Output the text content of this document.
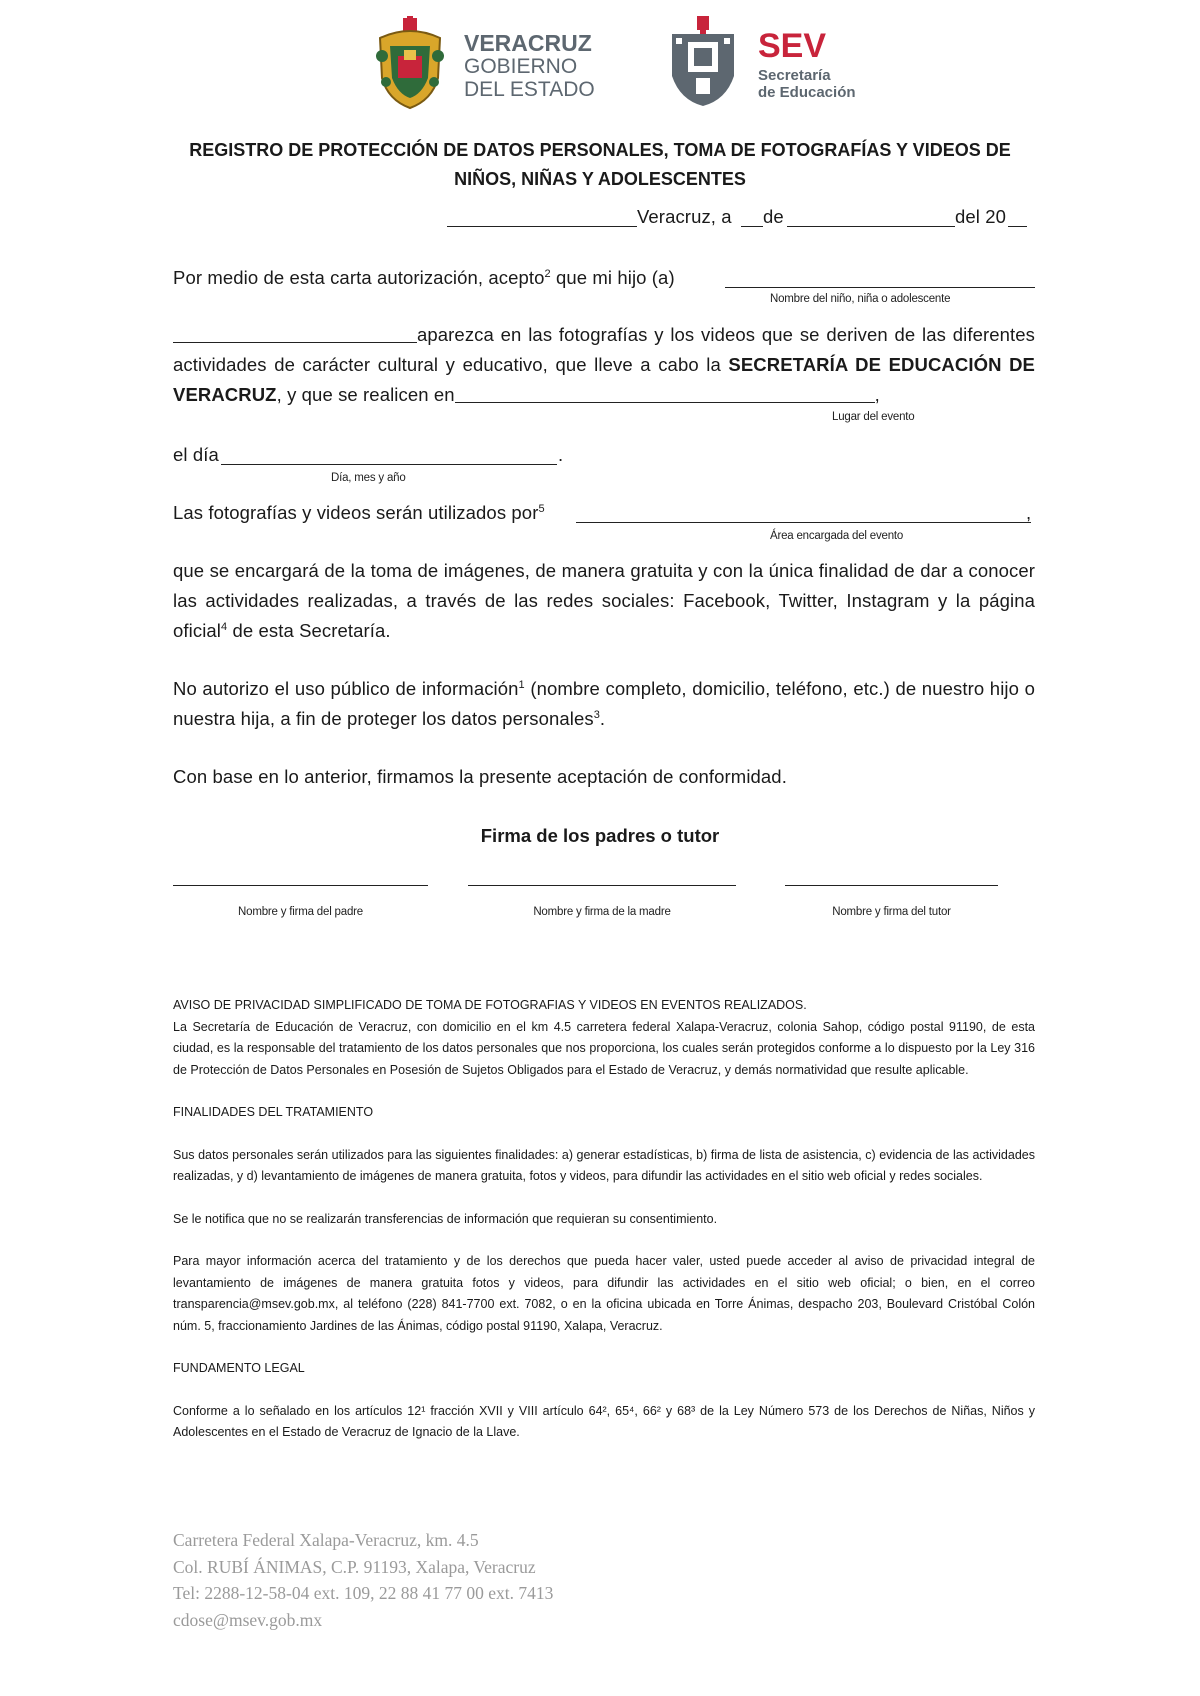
VERACRUZ
GOBIERNO
DEL ESTADO
SEV
Secretaría
de Educación
REGISTRO DE PROTECCIÓN DE DATOS PERSONALES, TOMA DE FOTOGRAFÍAS Y VIDEOS DE
NIÑOS, NIÑAS Y ADOLESCENTES
Veracruz, a de	del 20
Por medio de esta carta autorización, acepto$^2$ que mi hijo (a)
Nombre del niño, niña o adolescente
aparezca en las fotografías y los videos que se deriven de las diferentes actividades de carácter cultural y educativo, que lleve a cabo la SECRETARÍA DE EDUCACIÓN DE VERACRUZ, y que se realicen en	,
Lugar del evento
el día	.
Día, mes y año
Las fotografías y videos serán utilizados por$^5$	,
Área encargada del evento
que se encargará de la toma de imágenes, de manera gratuita y con la única finalidad de dar a conocer las actividades realizadas, a través de las redes sociales: Facebook, Twitter, Instagram y la página oficial$^4$ de esta Secretaría.
No autorizo el uso público de información$^1$ (nombre completo, domicilio, teléfono, etc.) de nuestro hijo o nuestra hija, a fin de proteger los datos personales$^3$.
Con base en lo anterior, firmamos la presente aceptación de conformidad.
Firma de los padres o tutor
Nombre y firma del padre	Nombre y firma de la madre	Nombre y firma del tutor
AVISO DE PRIVACIDAD SIMPLIFICADO DE TOMA DE FOTOGRAFIAS Y VIDEOS EN EVENTOS REALIZADOS.
La Secretaría de Educación de Veracruz, con domicilio en el km 4.5 carretera federal Xalapa-Veracruz, colonia Sahop, código postal 91190, de esta ciudad, es la responsable del tratamiento de los datos personales que nos proporciona, los cuales serán protegidos conforme a lo dispuesto por la Ley 316 de Protección de Datos Personales en Posesión de Sujetos Obligados para el Estado de Veracruz, y demás normatividad que resulte aplicable.
FINALIDADES DEL TRATAMIENTO
Sus datos personales serán utilizados para las siguientes finalidades: a) generar estadísticas, b) firma de lista de asistencia, c) evidencia de las actividades realizadas, y d) levantamiento de imágenes de manera gratuita, fotos y videos, para difundir las actividades en el sitio web oficial y redes sociales.
Se le notifica que no se realizarán transferencias de información que requieran su consentimiento.
Para mayor información acerca del tratamiento y de los derechos que pueda hacer valer, usted puede acceder al aviso de privacidad integral de levantamiento de imágenes de manera gratuita fotos y videos, para difundir las actividades en el sitio web oficial; o bien, en el correo transparencia@msev.gob.mx, al teléfono (228) 841-7700 ext. 7082, o en la oficina ubicada en Torre Ánimas, despacho 203, Boulevard Cristóbal Colón núm. 5, fraccionamiento Jardines de las Ánimas, código postal 91190, Xalapa, Veracruz.
FUNDAMENTO LEGAL
Conforme a lo señalado en los artículos 12¹ fracción XVII y VIII artículo 64², 65⁴, 66² y 68³ de la Ley Número 573 de los Derechos de Niñas, Niños y Adolescentes en el Estado de Veracruz de Ignacio de la Llave.
Carretera Federal Xalapa-Veracruz, km. 4.5
Col. RUBÍ ÁNIMAS, C.P. 91193, Xalapa, Veracruz
Tel: 2288-12-58-04 ext. 109, 22 88 41 77 00 ext. 7413
cdose@msev.gob.mx
